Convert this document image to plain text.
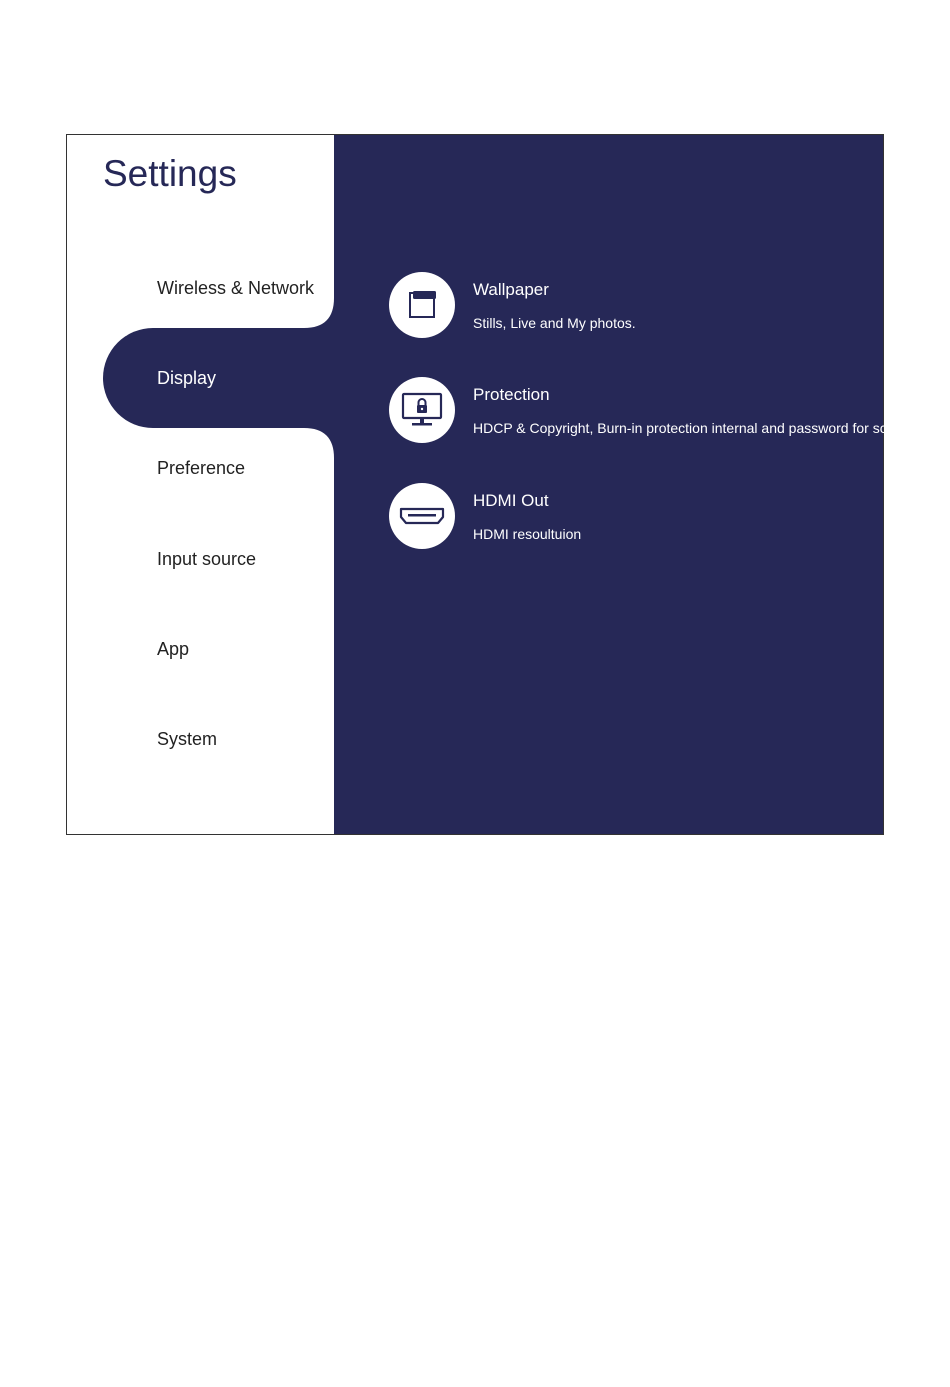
Settings
Wireless & Network
Display
Preference
Input source
App
System
Wallpaper
Stills, Live and My photos.
Protection
HDCP & Copyright, Burn-in protection internal and password for screen lock.
HDMI Out
HDMI resoultuion
